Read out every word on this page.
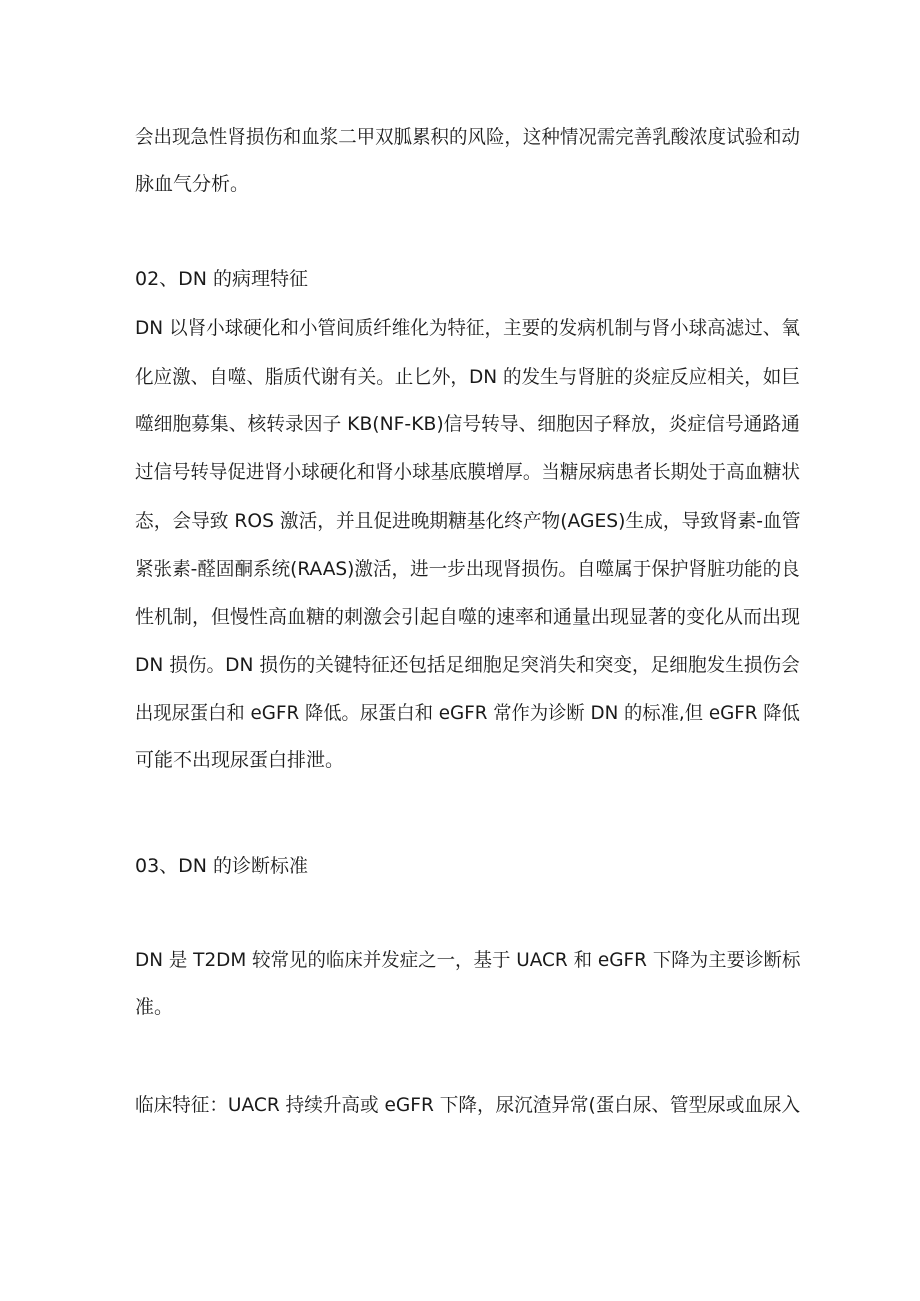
会出现急性肾损伤和血浆二甲双胍累积的风险，这种情况需完善乳酸浓度试验和动
脉血气分析。
02、DN 的病理特征
DN 以肾小球硬化和小管间质纤维化为特征，主要的发病机制与肾小球高滤过、氧
化应激、自噬、脂质代谢有关。止匕外，DN 的发生与肾脏的炎症反应相关，如巨
噬细胞募集、核转录因子 KB(NF-KB)信号转导、细胞因子释放，炎症信号通路通
过信号转导促进肾小球硬化和肾小球基底膜增厚。当糖尿病患者长期处于高血糖状
态，会导致 ROS 激活，并且促进晚期糖基化终产物(AGES)生成，导致肾素-血管
紧张素-醛固酮系统(RAAS)激活，进一步出现肾损伤。自噬属于保护肾脏功能的良
性机制，但慢性高血糖的刺激会引起自噬的速率和通量出现显著的变化从而出现
DN 损伤。DN 损伤的关键特征还包括足细胞足突消失和突变，足细胞发生损伤会
出现尿蛋白和 eGFR 降低。尿蛋白和 eGFR 常作为诊断 DN 的标准,但 eGFR 降低
可能不出现尿蛋白排泄。
03、DN 的诊断标准
DN 是 T2DM 较常见的临床并发症之一，基于 UACR 和 eGFR 下降为主要诊断标
准。
临床特征：UACR 持续升高或 eGFR 下降，尿沉渣异常(蛋白尿、管型尿或血尿入
